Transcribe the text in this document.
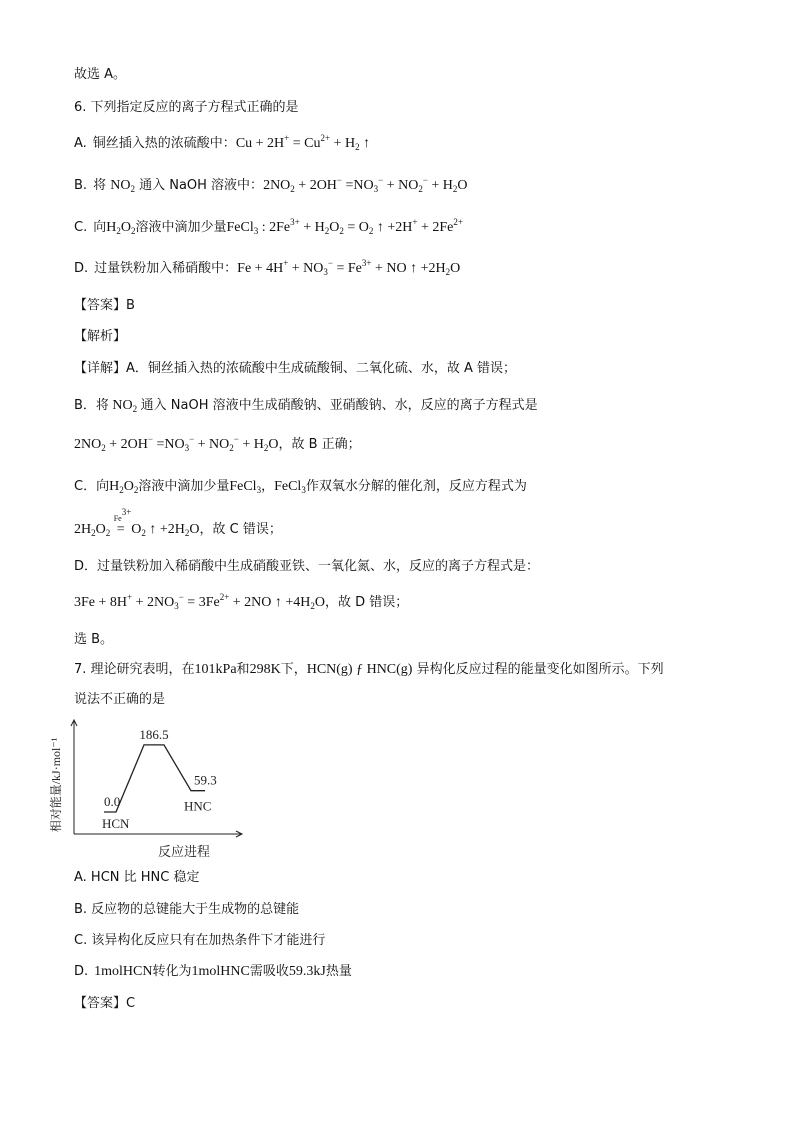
故选 A。
6. 下列指定反应的离子方程式正确的是
A. 铜丝插入热的浓硫酸中：$Cu + 2H^+ = Cu^{2+} + H_2$ ↑
B. 将 $NO_2$ 通入 NaOH 溶液中：$2NO_2 + 2OH^- =NO_3^- + NO_2^- + H_2O$
C. 向$H_2O_2$溶液中滴加少量FeCl$_3$ : $2Fe^{3+} + H_2O_2 = O_2$ ↑ $+2H^+ + 2Fe^{2+}$
D. 过量铁粉加入稀硝酸中：$Fe + 4H^+ + NO_3^- = Fe^{3+}$ + NO ↑ $+2H_2O$
【答案】B
【解析】
【详解】A．铜丝插入热的浓硫酸中生成硫酸铜、二氧化硫、水，故 A 错误；
B．将 $NO_2$ 通入 NaOH 溶液中生成硝酸钠、亚硝酸钠、水，反应的离子方程式是
$2NO_2 + 2OH^- =NO_3^- + NO_2^- + H_2O$，故 B 正确；
C．向$H_2O_2$溶液中滴加少量FeCl$_3$，FeCl$_3$作双氧水分解的催化剂，反应方程式为
$2H_2O_2$
$Fe^{3+}$
= $O_2$ ↑ $+2H_2O$，故 C 错误；
D．过量铁粉加入稀硝酸中生成硝酸亚铁、一氧化氮、水，反应的离子方程式是：
$3Fe + 8H^+ + 2NO_3^- = 3Fe^{2+} + 2NO$ ↑ $+4H_2O$，故 D 错误；
选 B。
7. 理论研究表明，在101kPa和298K下，HCN(g) ƒ HNC(g) 异构化反应过程的能量变化如图所示。下列
说法不正确的是
0.0
186.5
59.3
HCN
HNC
反应进程
相对能量/kJ·mol⁻¹
A. HCN 比 HNC 稳定
B. 反应物的总键能大于生成物的总键能
C. 该异构化反应只有在加热条件下才能进行
D. 1molHCN转化为1molHNC需吸收59.3kJ热量
【答案】C
